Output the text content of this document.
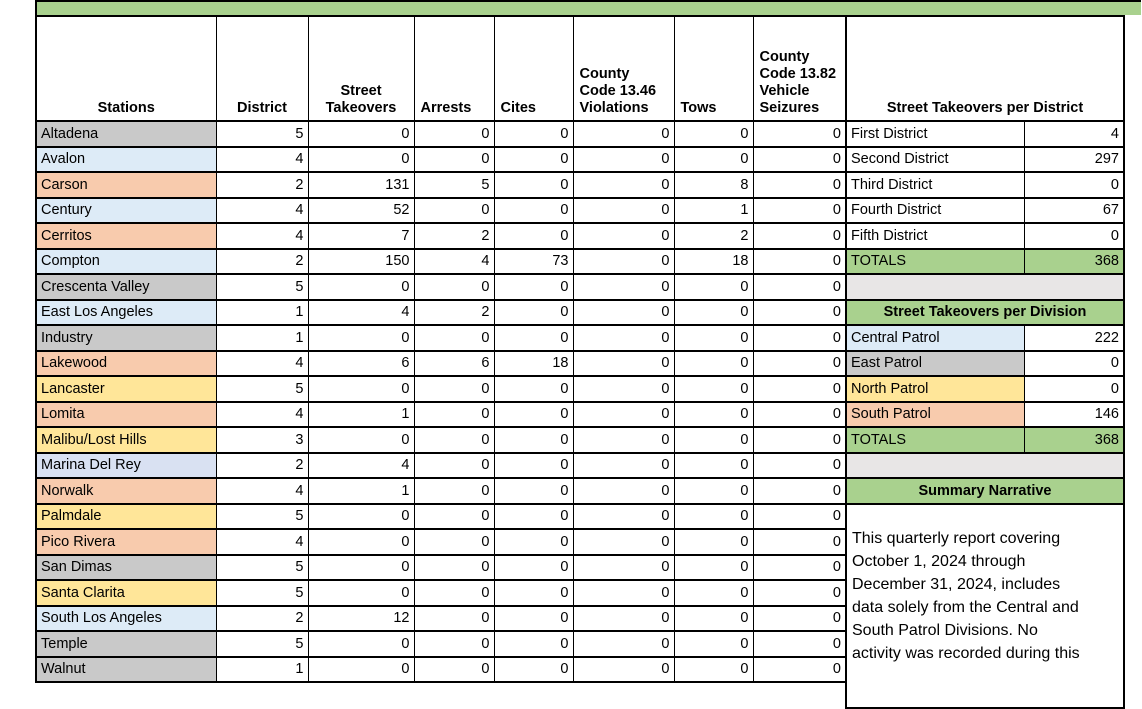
Stations	District	Street Takeovers	Arrests	Cites	County Code 13.46 Violations	Tows	County Code 13.82 Vehicle Seizures
Altadena	5	0	0	0	0	0	0
Avalon	4	0	0	0	0	0	0
Carson	2	131	5	0	0	8	0
Century	4	52	0	0	0	1	0
Cerritos	4	7	2	0	0	2	0
Compton	2	150	4	73	0	18	0
Crescenta Valley	5	0	0	0	0	0	0
East Los Angeles	1	4	2	0	0	0	0
Industry	1	0	0	0	0	0	0
Lakewood	4	6	6	18	0	0	0
Lancaster	5	0	0	0	0	0	0
Lomita	4	1	0	0	0	0	0
Malibu/Lost Hills	3	0	0	0	0	0	0
Marina Del Rey	2	4	0	0	0	0	0
Norwalk	4	1	0	0	0	0	0
Palmdale	5	0	0	0	0	0	0
Pico Rivera	4	0	0	0	0	0	0
San Dimas	5	0	0	0	0	0	0
Santa Clarita	5	0	0	0	0	0	0
South Los Angeles	2	12	0	0	0	0	0
Temple	5	0	0	0	0	0	0
Walnut	1	0	0	0	0	0	0
Street Takeovers per District	
First District	4
Second District	297
Third District	0
Fourth District	67
Fifth District	0
TOTALS	368

Street Takeovers per Division	
Central Patrol	222
East Patrol	0
North Patrol	0
South Patrol	146
TOTALS	368

Summary Narrative	

This quarterly report covering
October 1, 2024 through
December 31, 2024, includes
data solely from the Central and
South Patrol Divisions. No
activity was recorded during this
